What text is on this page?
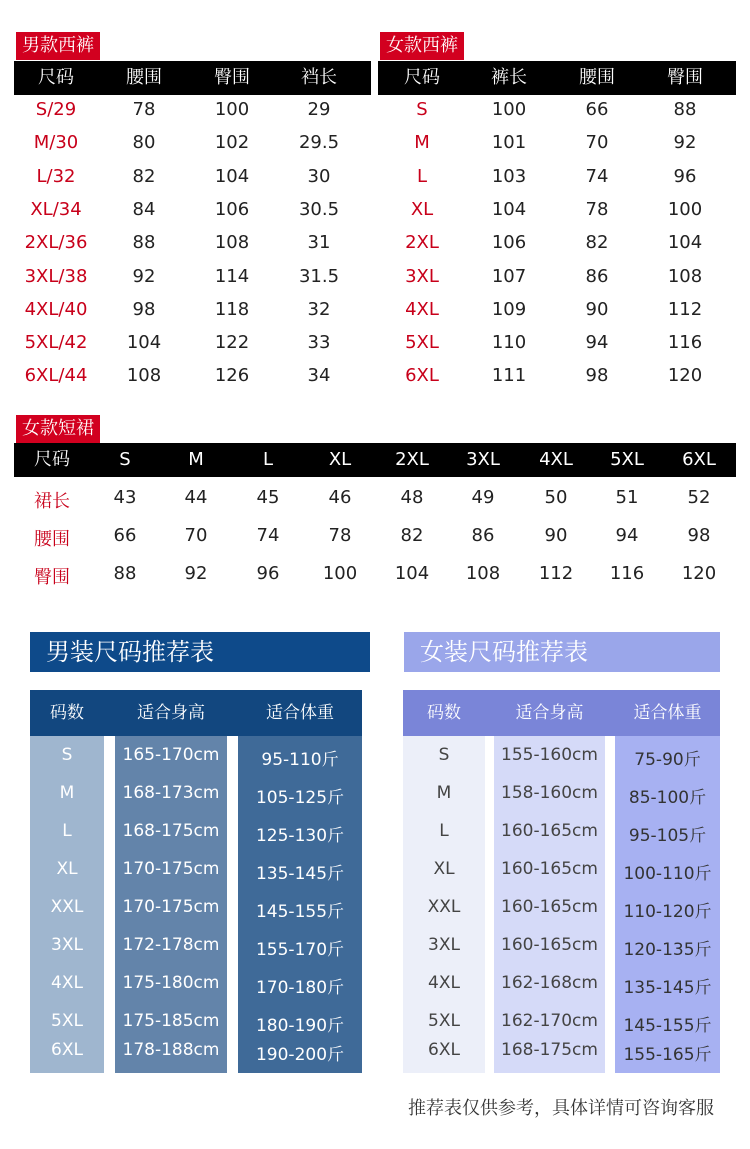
男款西裤
尺码	腰围	臀围	裆长
S/29	78	100	29
M/30	80	102	29.5
L/32	82	104	30
XL/34	84	106	30.5
2XL/36	88	108	31
3XL/38	92	114	31.5
4XL/40	98	118	32
5XL/42 104	122	33
6XL/44 108	126	34
女款西裤
尺码	裤长	腰围	臀围
S	100	66	88
M	101	70	92
L	103	74	96
XL	104	78	100
2XL	106	82	104
3XL	107	86	108
4XL	109	90	112
5XL	110	94	116
6XL	111	98	120
女款短裙
尺码	S	M	L	XL 2XL 3XL 4XL 5XL 6XL
裙长 43	44	45	46	48	49	50	51	52
腰围 66	70	74	78	82	86	90	94	98
臀围 88	92	96 100 104 108 112 116 120
男装尺码推荐表
码数	适合身高	适合体重
S	165-170cm 95-110斤
M	168-173cm 105-125斤
L	168-175cm 125-130斤
XL	170-175cm 135-145斤
XXL 170-175cm 145-155斤
3XL 172-178cm 155-170斤
4XL 175-180cm 170-180斤
5XL 175-185cm 180-190斤
6XL 178-188cm 190-200斤
女装尺码推荐表
码数	适合身高	适合体重
S	155-160cm 75-90斤
M	158-160cm 85-100斤
L	160-165cm 95-105斤
XL	160-165cm 100-110斤
XXL 160-165cm 110-120斤
3XL 160-165cm 120-135斤
4XL 162-168cm 135-145斤
5XL 162-170cm 145-155斤
6XL 168-175cm 155-165斤
推荐表仅供参考，具体详情可咨询客服
